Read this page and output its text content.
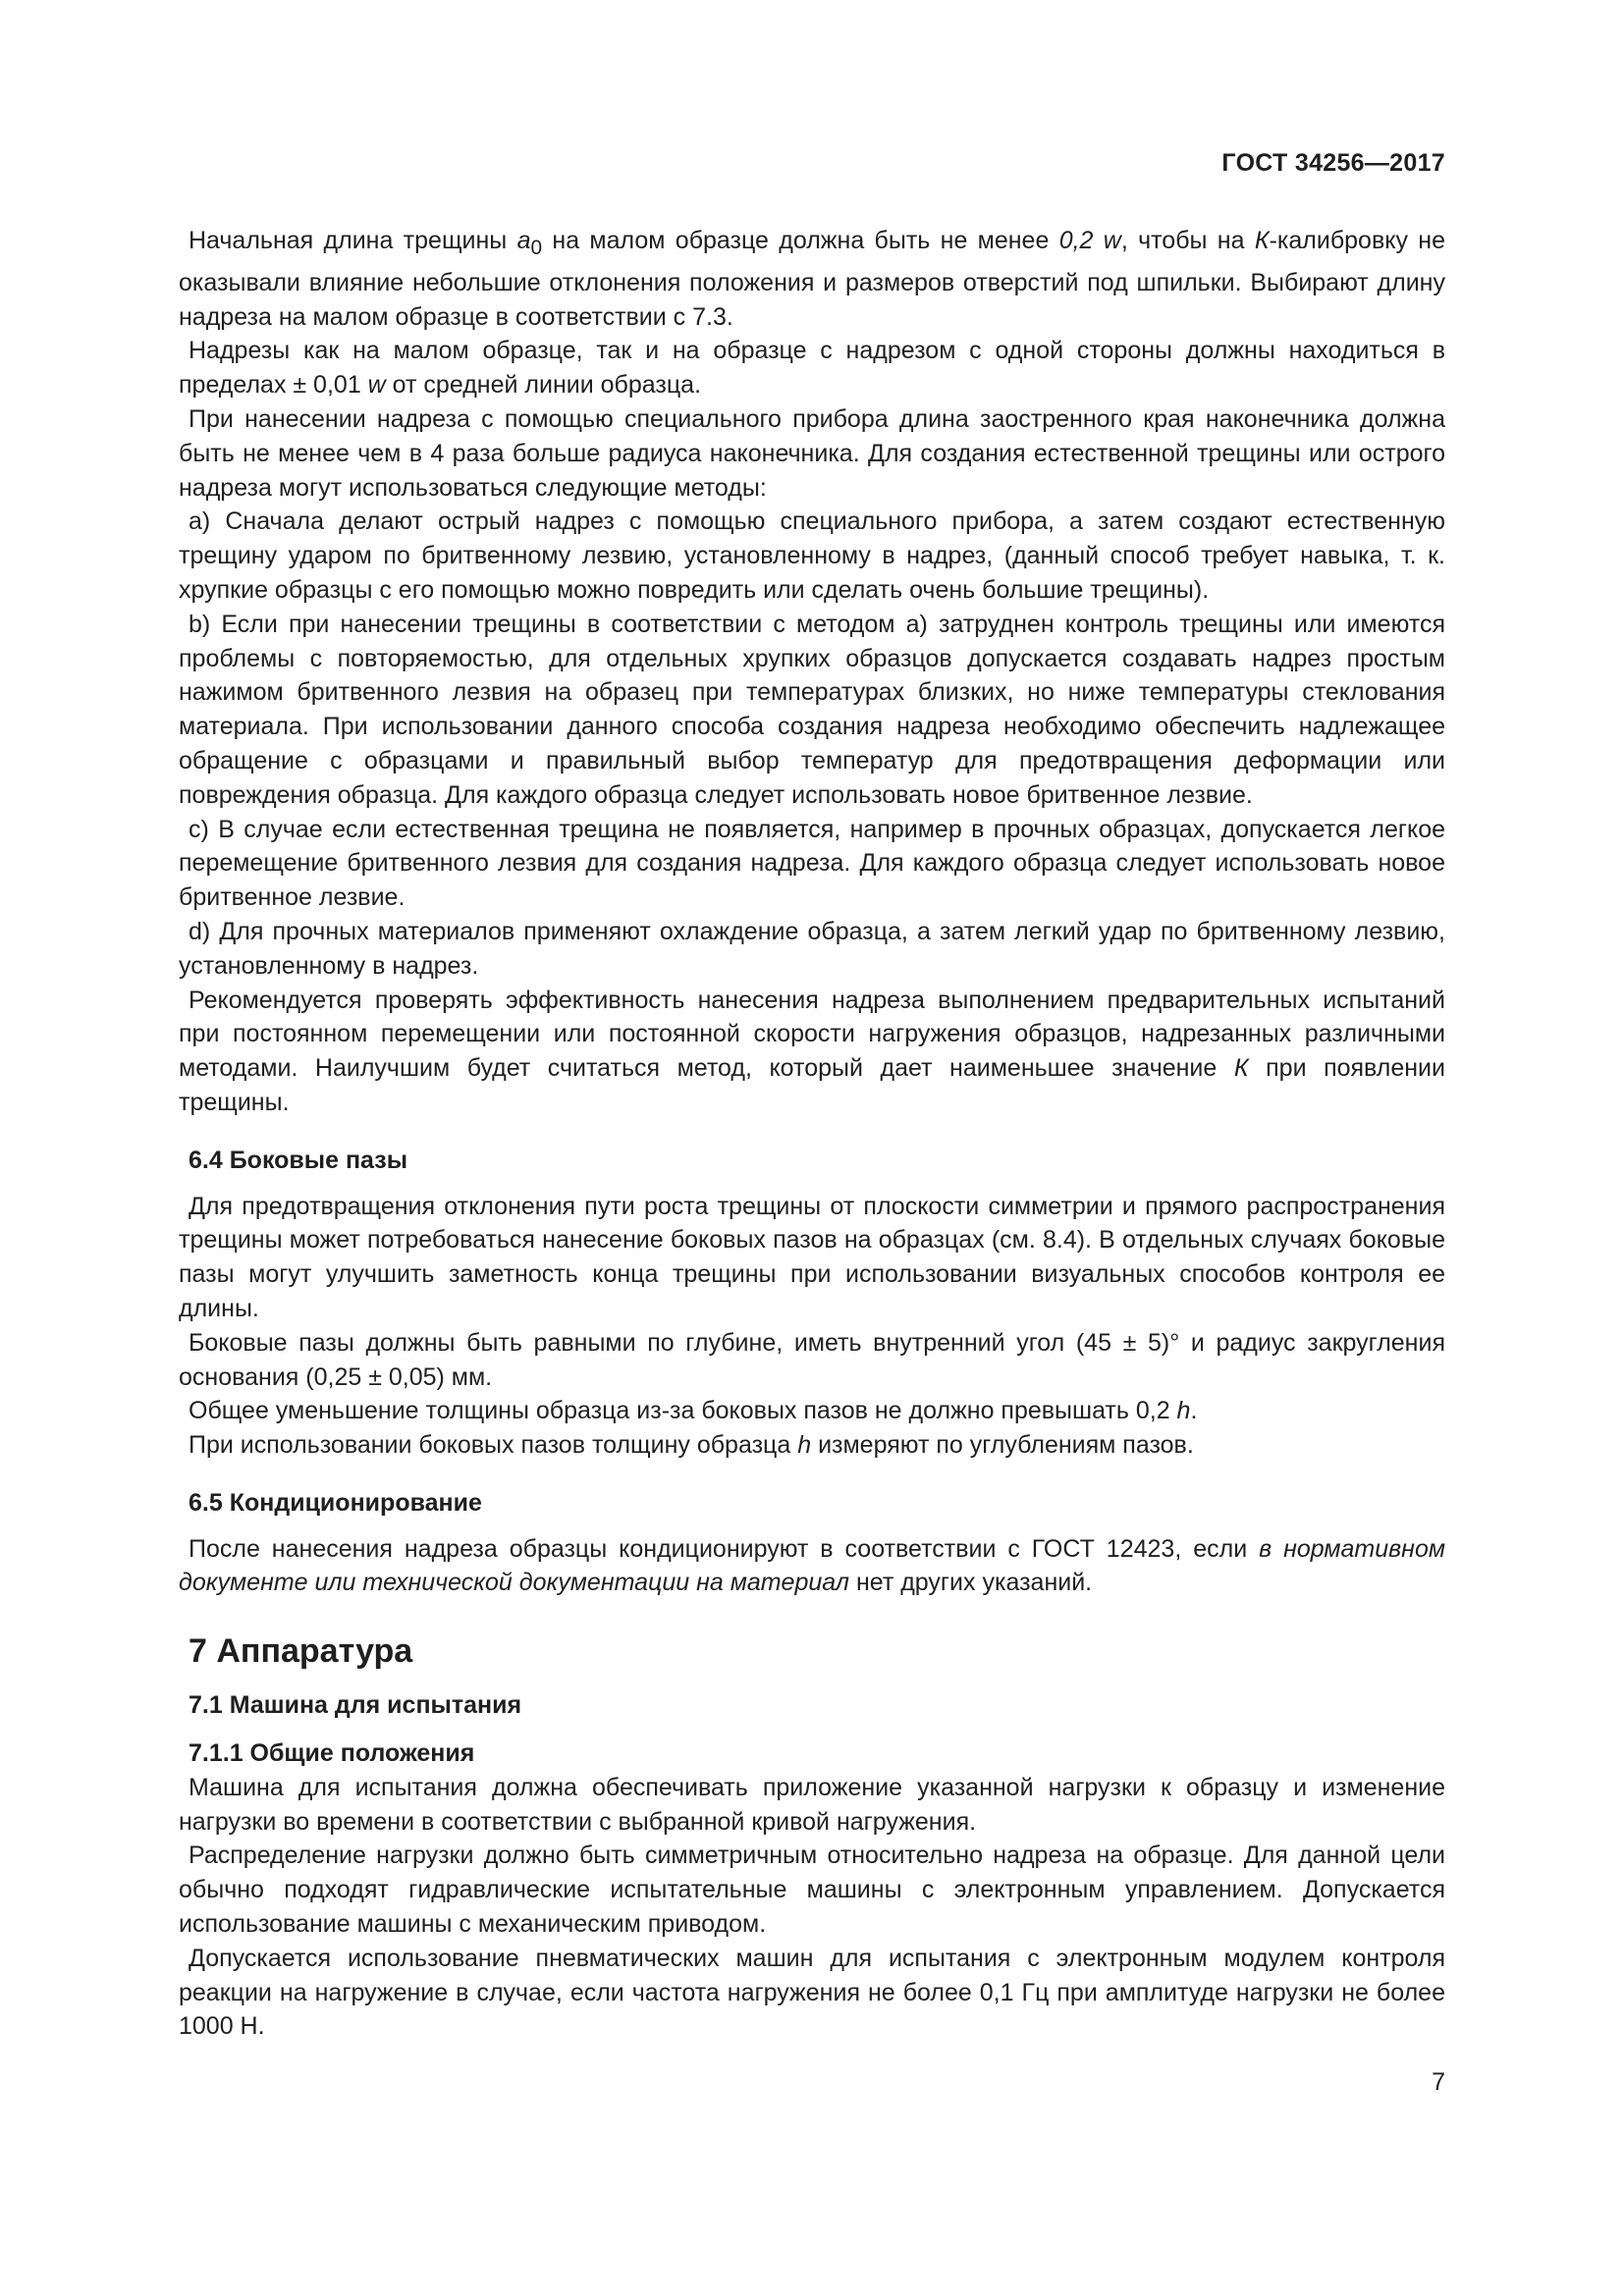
ГОСТ 34256—2017

Начальная длина трещины $a_0$ на малом образце должна быть не менее 0,2 w, чтобы на К-калибровку не оказывали влияние небольшие отклонения положения и размеров отверстий под шпильки. Выбирают длину надреза на малом образце в соответствии с 7.3.

Надрезы как на малом образце, так и на образце с надрезом с одной стороны должны находиться в пределах ± 0,01 w от средней линии образца.

При нанесении надреза с помощью специального прибора длина заостренного края наконечника должна быть не менее чем в 4 раза больше радиуса наконечника. Для создания естественной трещины или острого надреза могут использоваться следующие методы:

a) Сначала делают острый надрез с помощью специального прибора, а затем создают естественную трещину ударом по бритвенному лезвию, установленному в надрез, (данный способ требует навыка, т. к. хрупкие образцы с его помощью можно повредить или сделать очень большие трещины).

b) Если при нанесении трещины в соответствии с методом a) затруднен контроль трещины или имеются проблемы с повторяемостью, для отдельных хрупких образцов допускается создавать надрез простым нажимом бритвенного лезвия на образец при температурах близких, но ниже температуры стеклования материала. При использовании данного способа создания надреза необходимо обеспечить надлежащее обращение с образцами и правильный выбор температур для предотвращения деформации или повреждения образца. Для каждого образца следует использовать новое бритвенное лезвие.

c) В случае если естественная трещина не появляется, например в прочных образцах, допускается легкое перемещение бритвенного лезвия для создания надреза. Для каждого образца следует использовать новое бритвенное лезвие.

d) Для прочных материалов применяют охлаждение образца, а затем легкий удар по бритвенному лезвию, установленному в надрез.

Рекомендуется проверять эффективность нанесения надреза выполнением предварительных испытаний при постоянном перемещении или постоянной скорости нагружения образцов, надрезанных различными методами. Наилучшим будет считаться метод, который дает наименьшее значение К при появлении трещины.

6.4 Боковые пазы

Для предотвращения отклонения пути роста трещины от плоскости симметрии и прямого распространения трещины может потребоваться нанесение боковых пазов на образцах (см. 8.4). В отдельных случаях боковые пазы могут улучшить заметность конца трещины при использовании визуальных способов контроля ее длины.

Боковые пазы должны быть равными по глубине, иметь внутренний угол (45 ± 5)° и радиус закругления основания (0,25 ± 0,05) мм.

Общее уменьшение толщины образца из-за боковых пазов не должно превышать 0,2 h.

При использовании боковых пазов толщину образца h измеряют по углублениям пазов.

6.5 Кондиционирование

После нанесения надреза образцы кондиционируют в соответствии с ГОСТ 12423, если в нормативном документе или технической документации на материал нет других указаний.

7 Аппаратура
7.1 Машина для испытания
7.1.1 Общие положения

Машина для испытания должна обеспечивать приложение указанной нагрузки к образцу и изменение нагрузки во времени в соответствии с выбранной кривой нагружения.

Распределение нагрузки должно быть симметричным относительно надреза на образце. Для данной цели обычно подходят гидравлические испытательные машины с электронным управлением. Допускается использование машины с механическим приводом.

Допускается использование пневматических машин для испытания с электронным модулем контроля реакции на нагружение в случае, если частота нагружения не более 0,1 Гц при амплитуде нагрузки не более 1000 Н.

7
